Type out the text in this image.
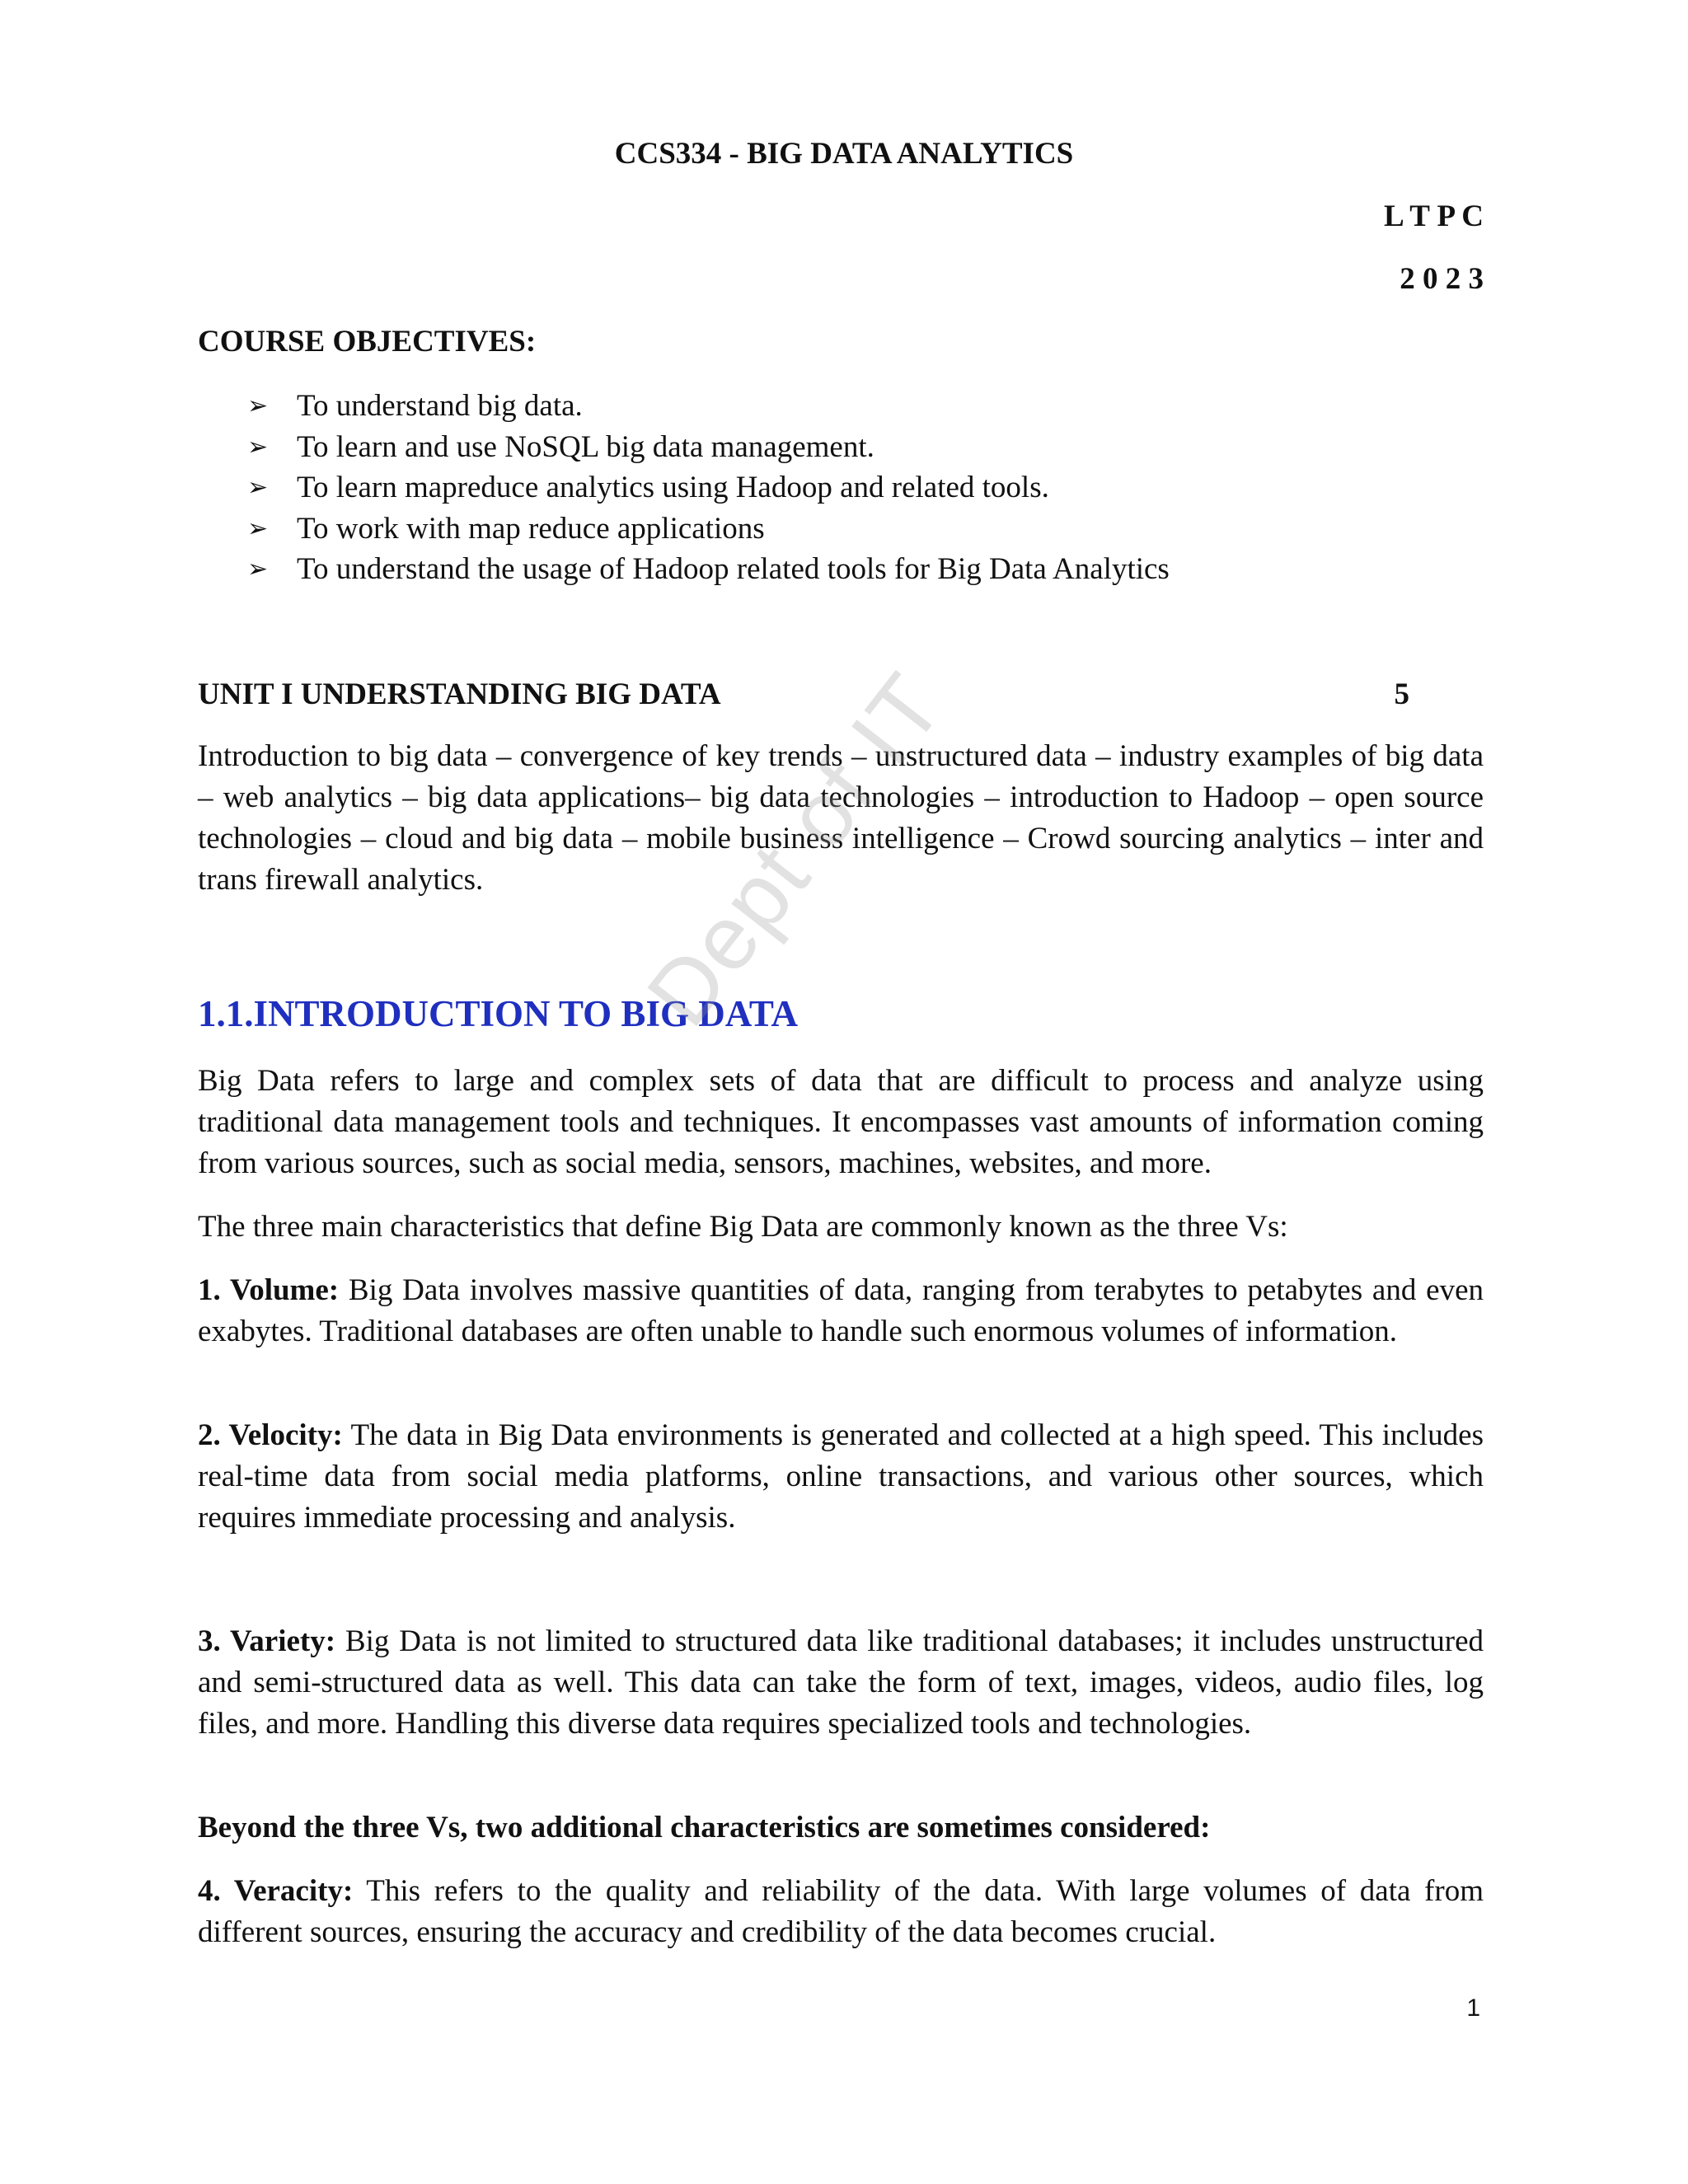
CCS334 - BIG DATA ANALYTICS

L T P C

2 0 2 3

COURSE OBJECTIVES:

➢ To understand big data.
➢ To learn and use NoSQL big data management.
➢ To learn mapreduce analytics using Hadoop and related tools.
➢ To work with map reduce applications
➢ To understand the usage of Hadoop related tools for Big Data Analytics
UNIT I UNDERSTANDING BIG DATA	5

Introduction to big data – convergence of key trends – unstructured data – industry examples of big data – web analytics – big data applications– big data technologies – introduction to Hadoop – open source technologies – cloud and big data – mobile business intelligence – Crowd sourcing analytics – inter and trans firewall analytics.

1.1.INTRODUCTION TO BIG DATA

Big Data refers to large and complex sets of data that are difficult to process and analyze using traditional data management tools and techniques. It encompasses vast amounts of information coming from various sources, such as social media, sensors, machines, websites, and more.

The three main characteristics that define Big Data are commonly known as the three Vs:

1. Volume: Big Data involves massive quantities of data, ranging from terabytes to petabytes and even exabytes. Traditional databases are often unable to handle such enormous volumes of information.

2. Velocity: The data in Big Data environments is generated and collected at a high speed. This includes real-time data from social media platforms, online transactions, and various other sources, which requires immediate processing and analysis.

3. Variety: Big Data is not limited to structured data like traditional databases; it includes unstructured and semi-structured data as well. This data can take the form of text, images, videos, audio files, log files, and more. Handling this diverse data requires specialized tools and technologies.

Beyond the three Vs, two additional characteristics are sometimes considered:

4. Veracity: This refers to the quality and reliability of the data. With large volumes of data from different sources, ensuring the accuracy and credibility of the data becomes crucial.

Dept of IT

1
